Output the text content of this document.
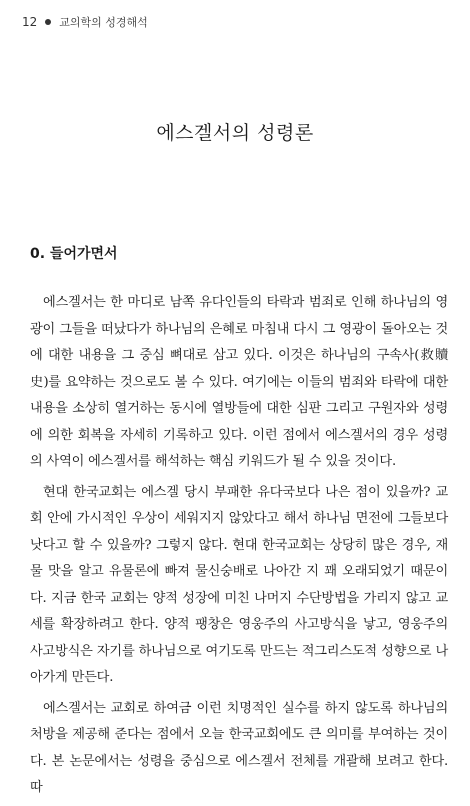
12 교의학의 성경해석
에스겔서의 성령론
0. 들어가면서

에스겔서는 한 마디로 남쪽 유다인들의 타락과 범죄로 인해 하나님의 영광이 그들을 떠났다가 하나님의 은혜로 마침내 다시 그 영광이 돌아오는 것에 대한 내용을 그 중심 뼈대로 삼고 있다. 이것은 하나님의 구속사(救贖史)를 요약하는 것으로도 볼 수 있다. 여기에는 이들의 범죄와 타락에 대한 내용을 소상히 열거하는 동시에 열방들에 대한 심판 그리고 구원자와 성령에 의한 회복을 자세히 기록하고 있다. 이런 점에서 에스겔서의 경우 성령의 사역이 에스겔서를 해석하는 핵심 키워드가 될 수 있을 것이다.

현대 한국교회는 에스겔 당시 부패한 유다국보다 나은 점이 있을까? 교회 안에 가시적인 우상이 세워지지 않았다고 해서 하나님 면전에 그들보다 낫다고 할 수 있을까? 그렇지 않다. 현대 한국교회는 상당히 많은 경우, 재물 맛을 알고 유물론에 빠져 물신숭배로 나아간 지 꽤 오래되었기 때문이다. 지금 한국 교회는 양적 성장에 미친 나머지 수단방법을 가리지 않고 교세를 확장하려고 한다. 양적 팽창은 영웅주의 사고방식을 낳고, 영웅주의 사고방식은 자기를 하나님으로 여기도록 만드는 적그리스도적 성향으로 나아가게 만든다.

에스겔서는 교회로 하여금 이런 치명적인 실수를 하지 않도록 하나님의 처방을 제공해 준다는 점에서 오늘 한국교회에도 큰 의미를 부여하는 것이다. 본 논문에서는 성령을 중심으로 에스겔서 전체를 개괄해 보려고 한다. 따
